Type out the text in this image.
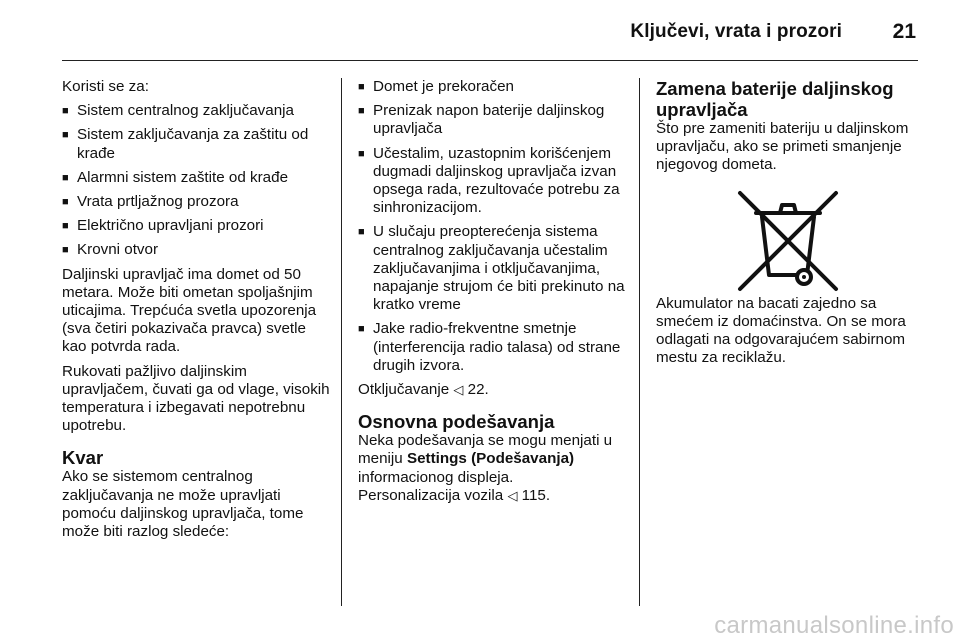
Ključevi, vrata i prozori 21

Koristi se za:

■ Sistem centralnog zaključavanja
■ Sistem zaključavanja za zaštitu od krađe
■ Alarmni sistem zaštite od krađe
■ Vrata prtljažnog prozora
■ Električno upravljani prozori
■ Krovni otvor

Daljinski upravljač ima domet od 50 metara. Može biti ometan spoljašnjim uticajima. Trepćuća svetla upozorenja (sva četiri pokazivača pravca) svetle kao potvrda rada.

Rukovati pažljivo daljinskim upravljačem, čuvati ga od vlage, visokih temperatura i izbegavati nepotrebnu upotrebu.

Kvar

Ako se sistemom centralnog zaključavanja ne može upravljati pomoću daljinskog upravljača, tome može biti razlog sledeće:

■ Domet je prekoračen
■ Prenizak napon baterije daljinskog upravljača
■ Učestalim, uzastopnim korišćenjem dugmadi daljinskog upravljača izvan opsega rada, rezultovaće potrebu za sinhronizacijom.
■ U slučaju preopterećenja sistema centralnog zaključavanja učestalim zaključavanjima i otključavanjima, napajanje strujom će biti prekinuto na kratko vreme
■ Jake radio-frekventne smetnje (interferencija radio talasa) od strane drugih izvora.

Otključavanje ◁ 22.

Osnovna podešavanja

Neka podešavanja se mogu menjati u meniju Settings (Podešavanja) informacionog displeja.
Personalizacija vozila ◁ 115.

Zamena baterije daljinskog upravljača

Što pre zameniti bateriju u daljinskom upravljaču, ako se primeti smanjenje njegovog dometa.

Akumulator na bacati zajedno sa smećem iz domaćinstva. On se mora odlagati na odgovarajućem sabirnom mestu za reciklažu.

carmanualsonline.info
